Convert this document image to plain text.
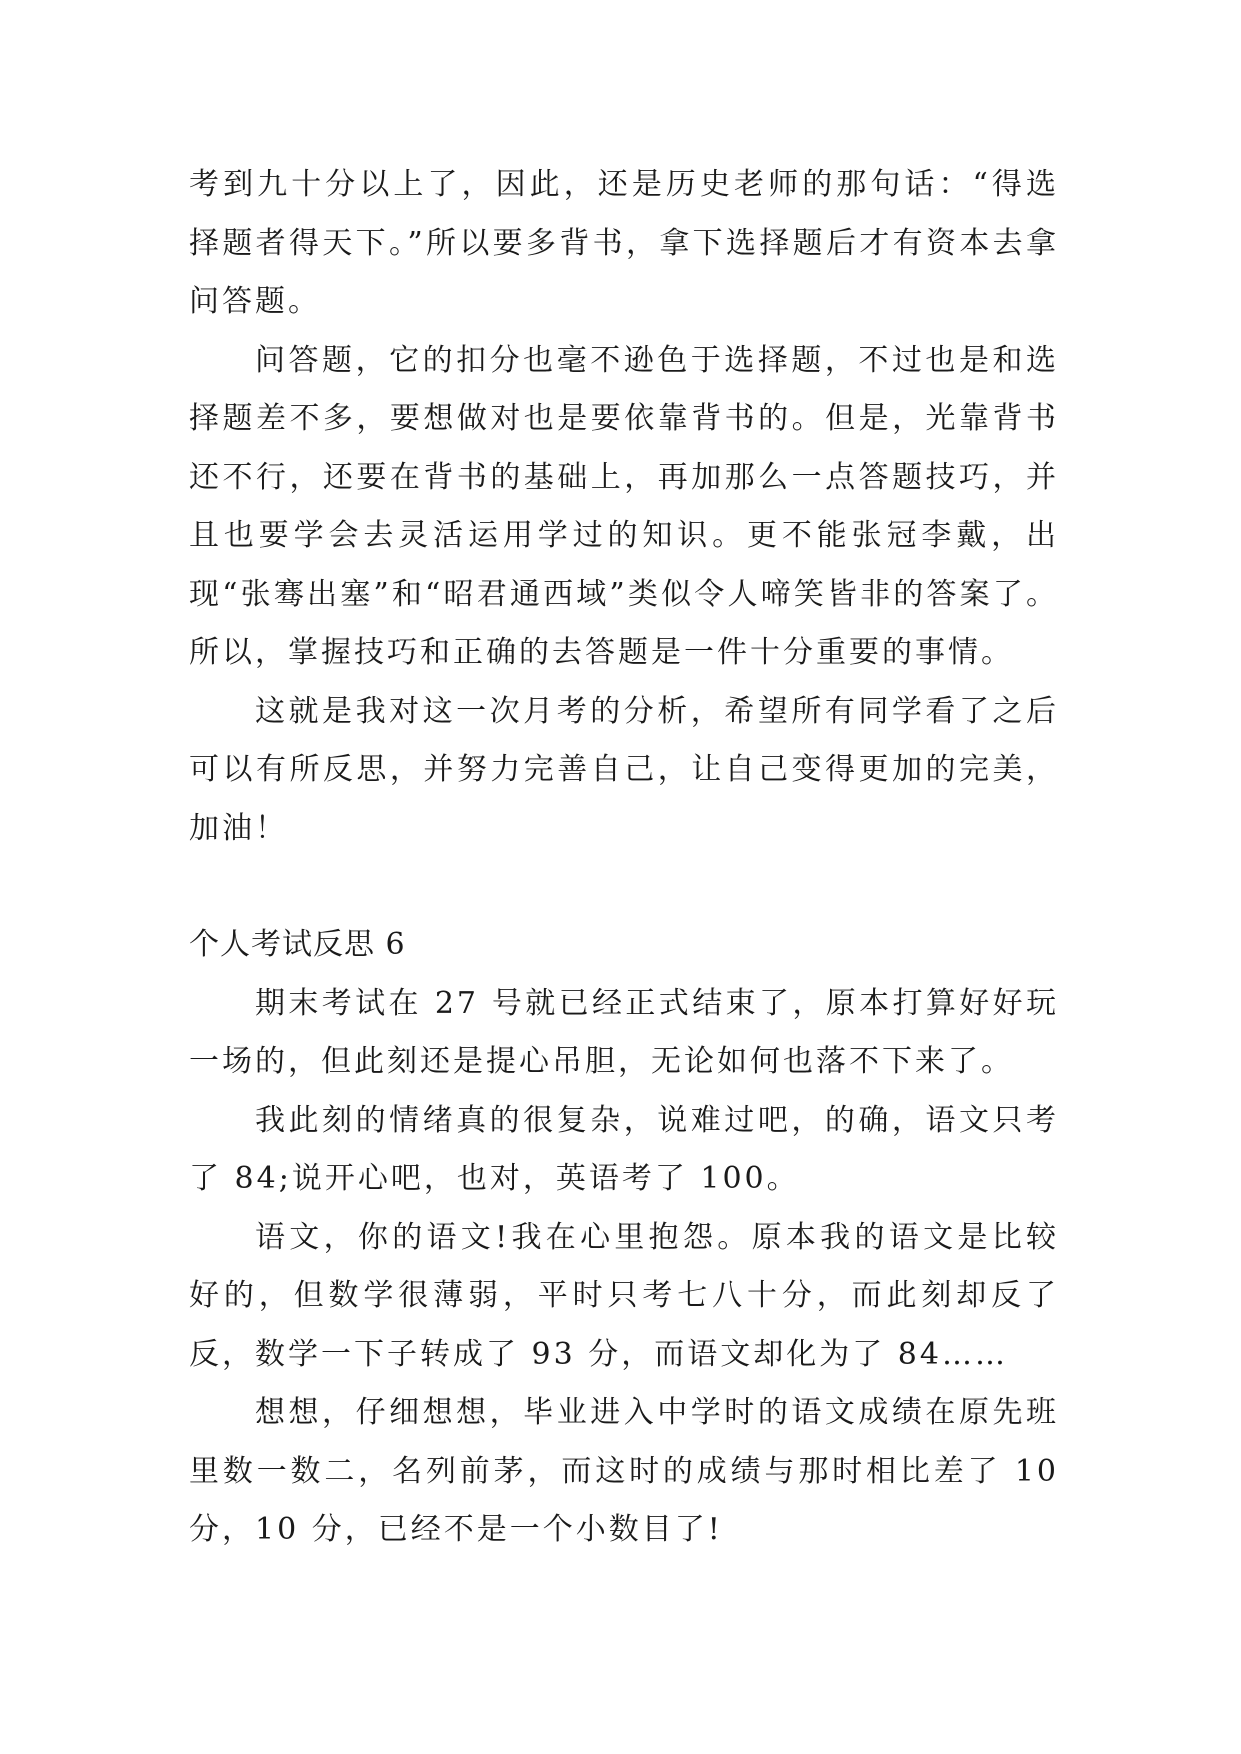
考到九十分以上了，因此，还是历史老师的那句话：“得选择题者得天下。”所以要多背书，拿下选择题后才有资本去拿问答题。

问答题，它的扣分也毫不逊色于选择题，不过也是和选择题差不多，要想做对也是要依靠背书的。但是，光靠背书还不行，还要在背书的基础上，再加那么一点答题技巧，并且也要学会去灵活运用学过的知识。更不能张冠李戴，出现“张骞出塞”和“昭君通西域”类似令人啼笑皆非的答案了。所以，掌握技巧和正确的去答题是一件十分重要的事情。

这就是我对这一次月考的分析，希望所有同学看了之后可以有所反思，并努力完善自己，让自己变得更加的完美，加油！

个人考试反思 6

期末考试在 27 号就已经正式结束了，原本打算好好玩一场的，但此刻还是提心吊胆，无论如何也落不下来了。

我此刻的情绪真的很复杂，说难过吧，的确，语文只考了 84;说开心吧，也对，英语考了 100。

语文，你的语文!我在心里抱怨。原本我的语文是比较好的，但数学很薄弱，平时只考七八十分，而此刻却反了反，数学一下子转成了 93 分，而语文却化为了 84……

想想，仔细想想，毕业进入中学时的语文成绩在原先班里数一数二，名列前茅，而这时的成绩与那时相比差了 10 分，10 分，已经不是一个小数目了!
